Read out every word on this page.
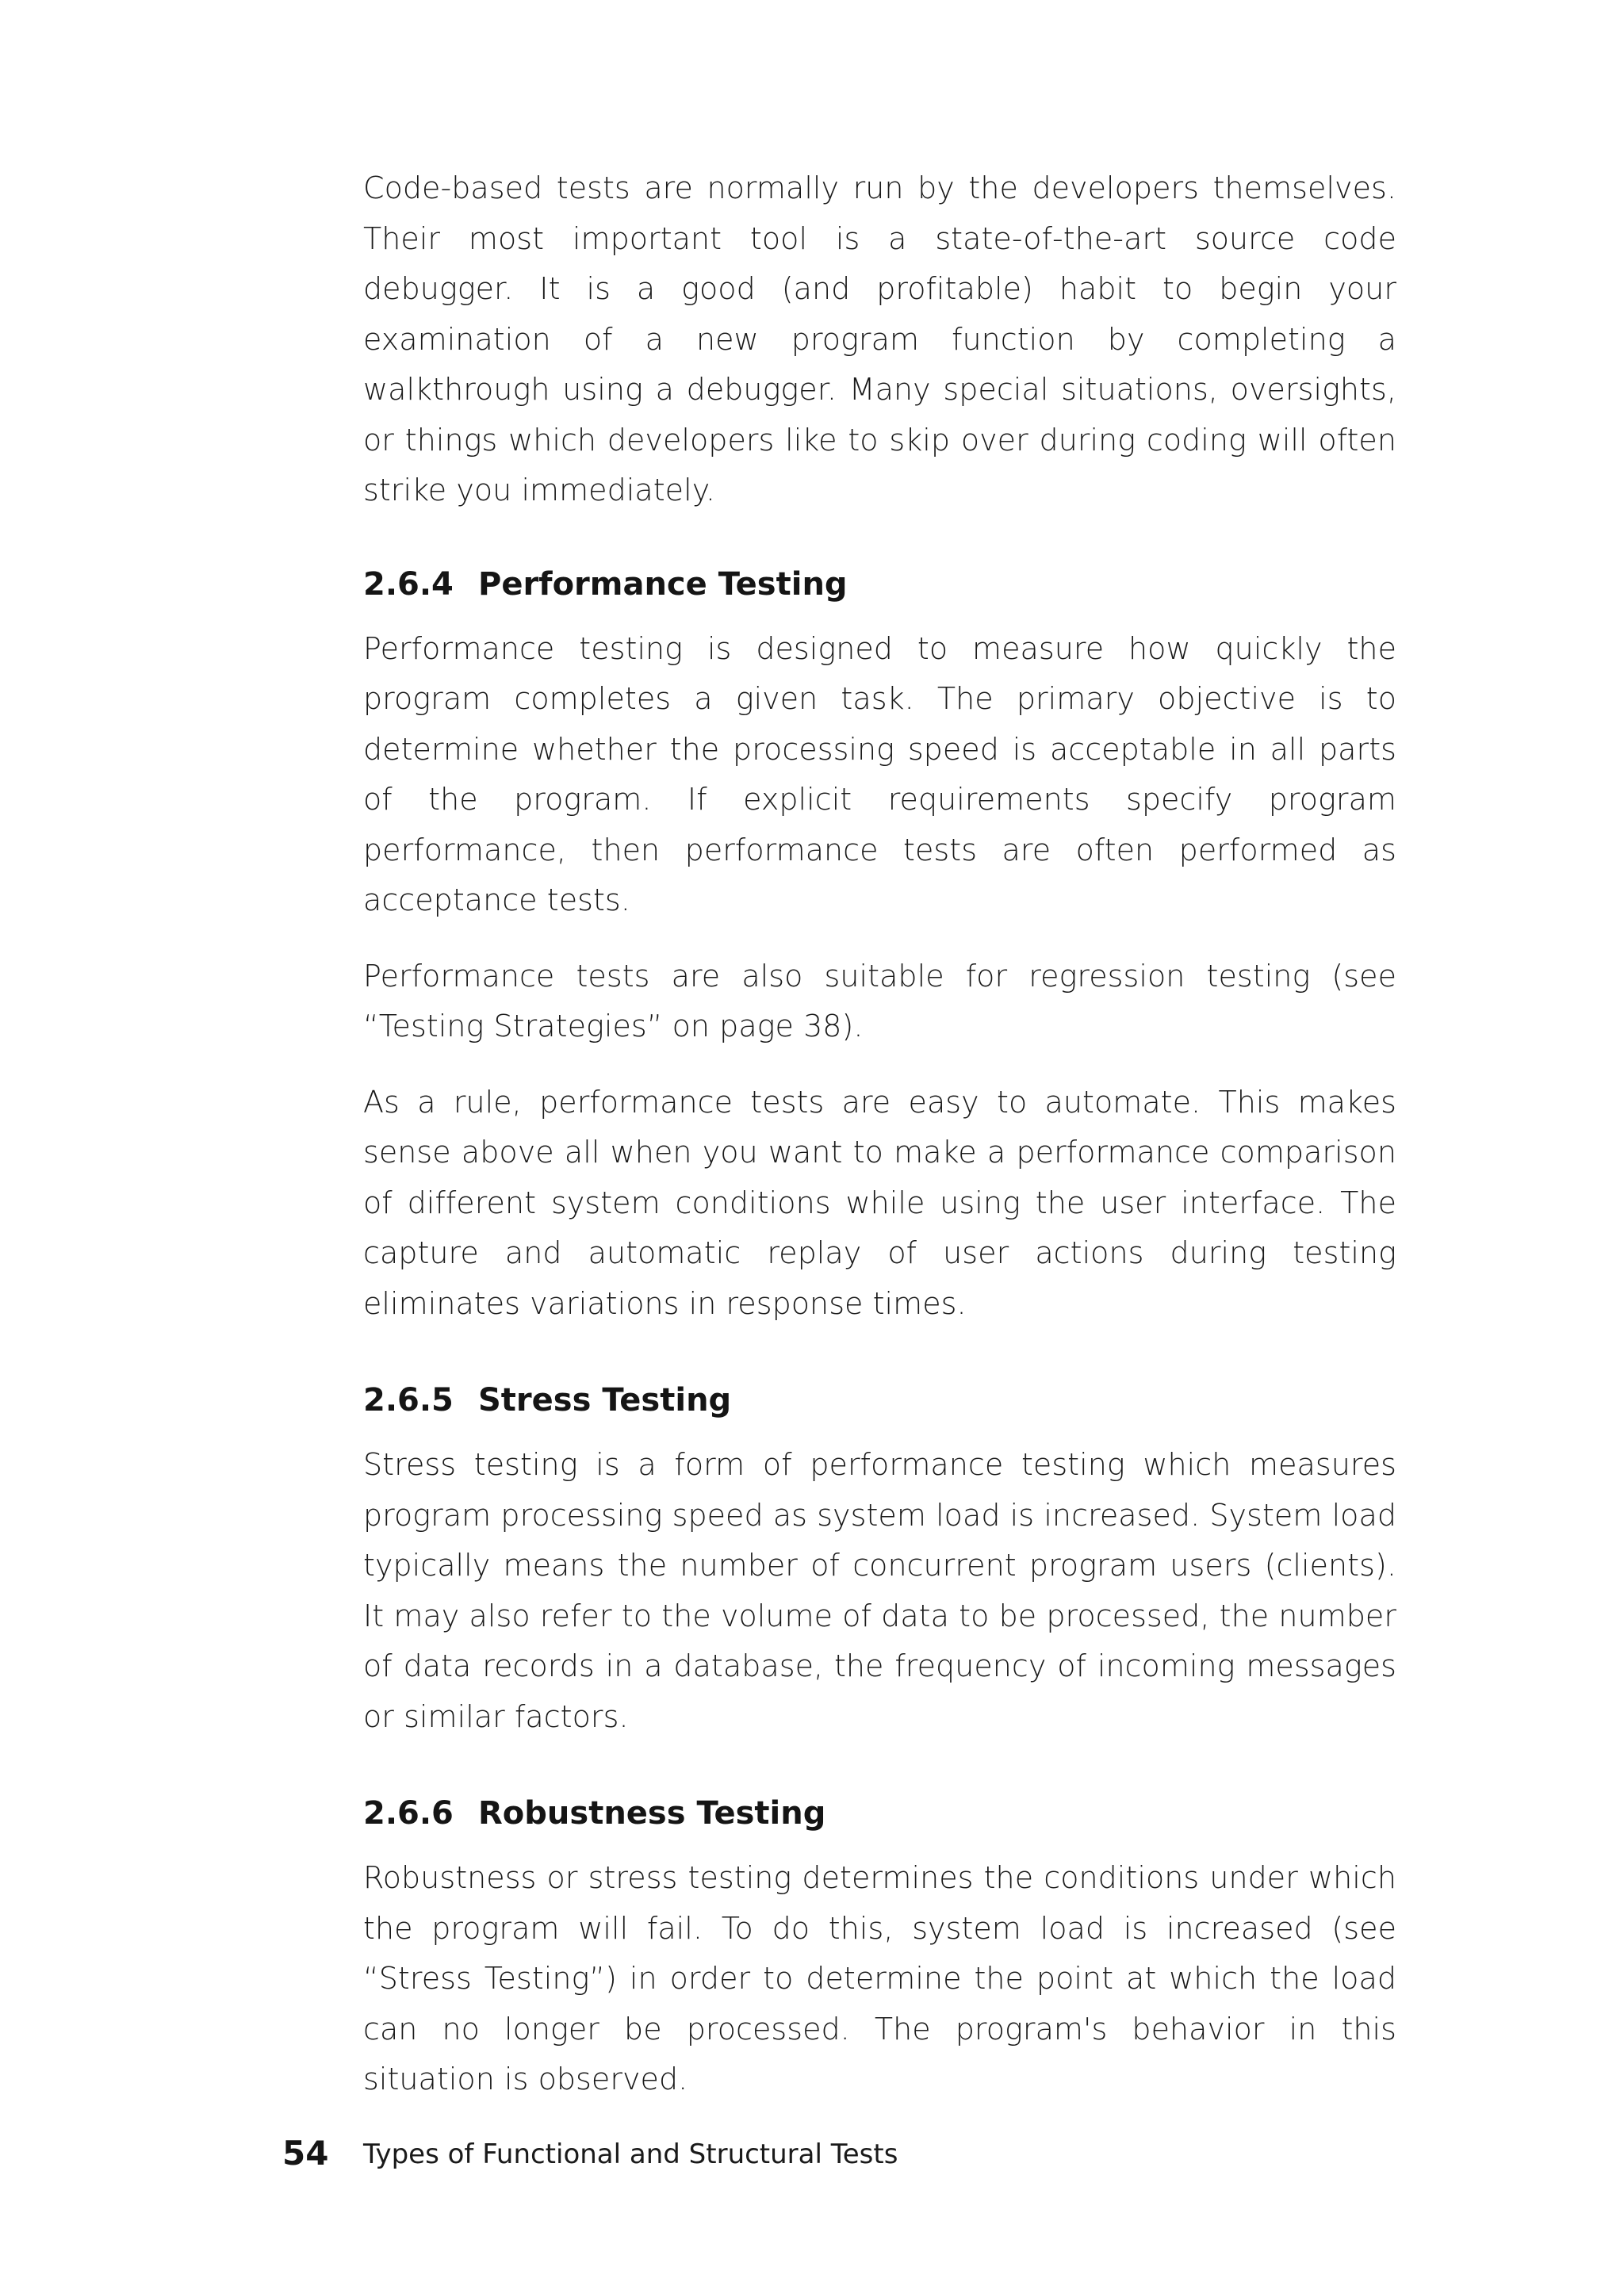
Code-based tests are normally run by the developers themselves. Their most important tool is a state-of-the-art source code debugger. It is a good (and profitable) habit to begin your examination of a new program function by completing a walkthrough using a debugger. Many special situations, oversights, or things which developers like to skip over during coding will often strike you immediately.

2.6.4 Performance Testing

Performance testing is designed to measure how quickly the program completes a given task. The primary objective is to determine whether the processing speed is acceptable in all parts of the program. If explicit requirements specify program performance, then performance tests are often performed as acceptance tests.

Performance tests are also suitable for regression testing (see “Testing Strategies” on page 38).

As a rule, performance tests are easy to automate. This makes sense above all when you want to make a performance comparison of different system conditions while using the user interface. The capture and automatic replay of user actions during testing eliminates variations in response times.

2.6.5 Stress Testing

Stress testing is a form of performance testing which measures program processing speed as system load is increased. System load typically means the number of concurrent program users (clients). It may also refer to the volume of data to be processed, the number of data records in a database, the frequency of incoming messages or similar factors.

2.6.6 Robustness Testing

Robustness or stress testing determines the conditions under which the program will fail. To do this, system load is increased (see “Stress Testing”) in order to determine the point at which the load can no longer be processed. The program's behavior in this situation is observed.

54 Types of Functional and Structural Tests
